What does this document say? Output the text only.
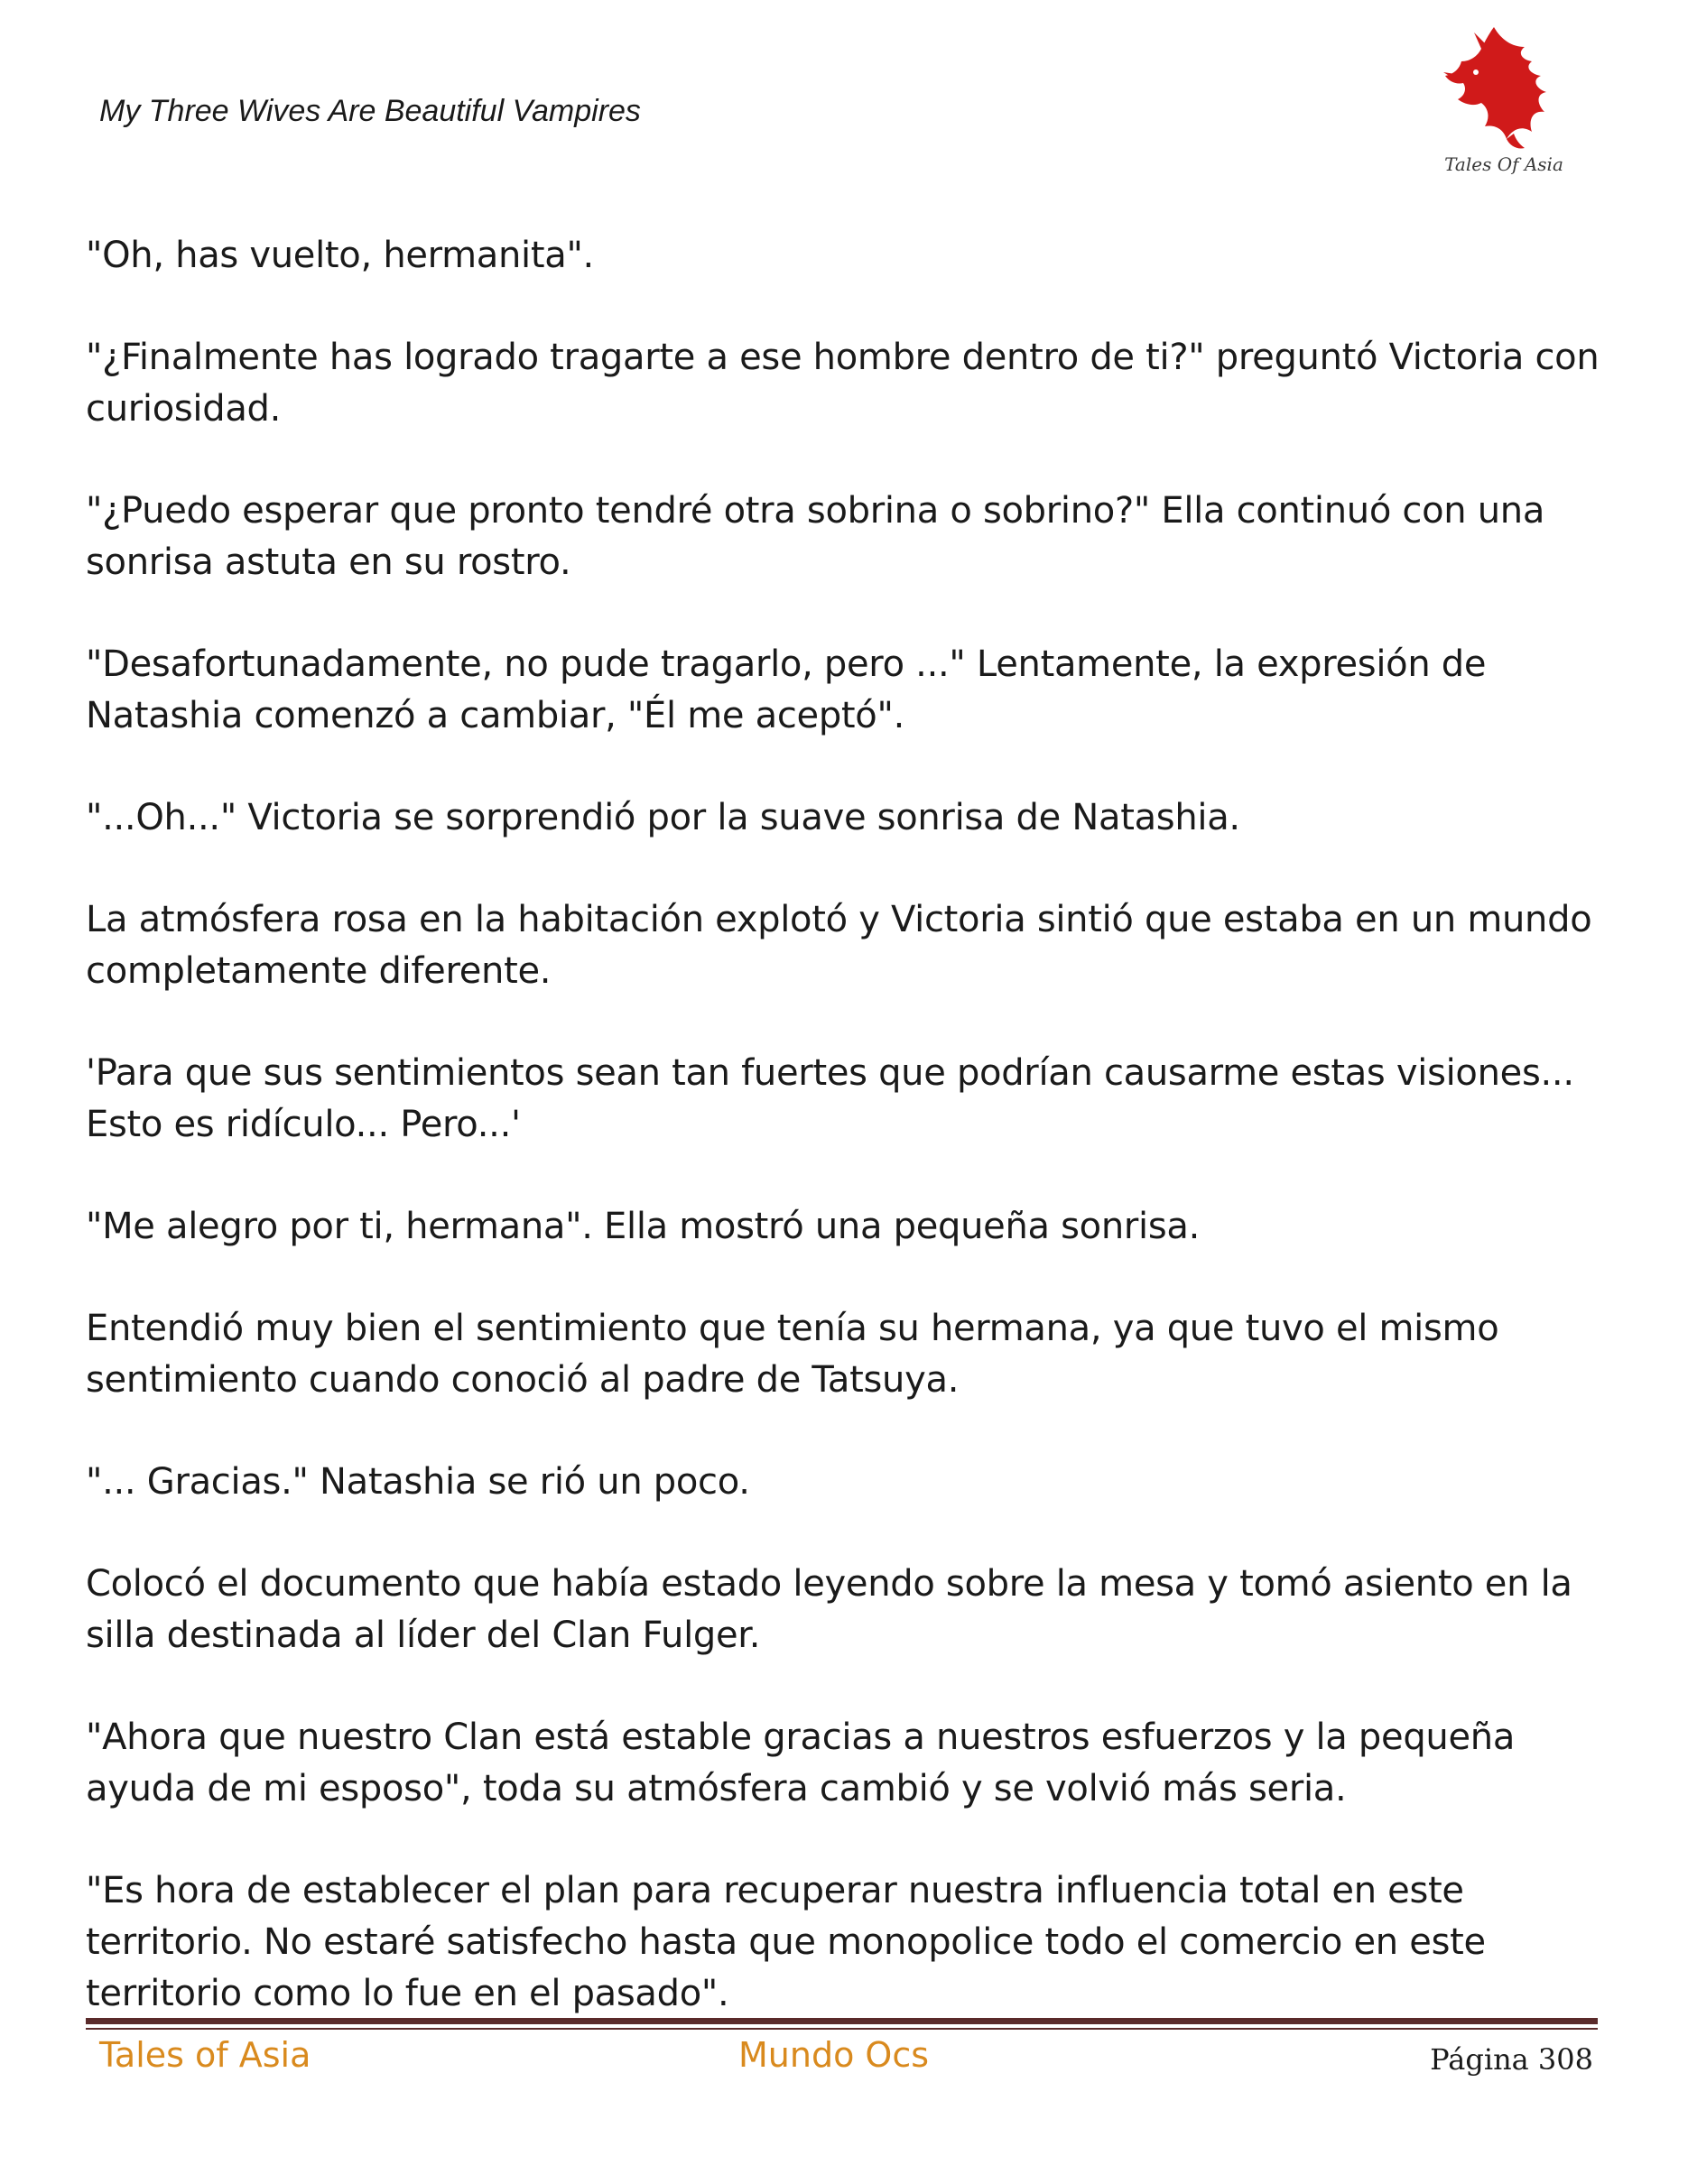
My Three Wives Are Beautiful Vampires
Tales Of Asia

"Oh, has vuelto, hermanita".

"¿Finalmente has logrado tragarte a ese hombre dentro de ti?" preguntó Victoria con curiosidad.

"¿Puedo esperar que pronto tendré otra sobrina o sobrino?" Ella continuó con una sonrisa astuta en su rostro.

"Desafortunadamente, no pude tragarlo, pero ..." Lentamente, la expresión de Natashia comenzó a cambiar, "Él me aceptó".

"...Oh..." Victoria se sorprendió por la suave sonrisa de Natashia.

La atmósfera rosa en la habitación explotó y Victoria sintió que estaba en un mundo completamente diferente.

'Para que sus sentimientos sean tan fuertes que podrían causarme estas visiones... Esto es ridículo... Pero...'

"Me alegro por ti, hermana". Ella mostró una pequeña sonrisa.

Entendió muy bien el sentimiento que tenía su hermana, ya que tuvo el mismo sentimiento cuando conoció al padre de Tatsuya.

"... Gracias." Natashia se rió un poco.

Colocó el documento que había estado leyendo sobre la mesa y tomó asiento en la silla destinada al líder del Clan Fulger.

"Ahora que nuestro Clan está estable gracias a nuestros esfuerzos y la pequeña ayuda de mi esposo", toda su atmósfera cambió y se volvió más seria.

"Es hora de establecer el plan para recuperar nuestra influencia total en este territorio. No estaré satisfecho hasta que monopolice todo el comercio en este territorio como lo fue en el pasado".

Tales of Asia	Mundo Ocs	Página 308
